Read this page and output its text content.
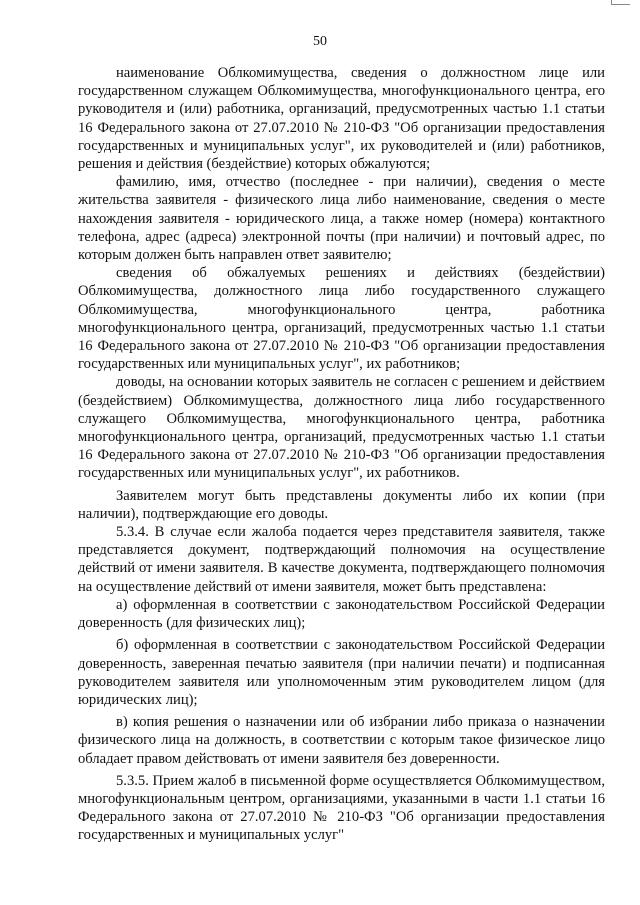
50

наименование Облкомимущества, сведения о должностном лице или государственном служащем Облкомимущества, многофункционального центра, его руководителя и (или) работника, организаций, предусмотренных частью 1.1 статьи 16 Федерального закона от 27.07.2010 № 210-ФЗ "Об организации предоставления государственных и муниципальных услуг", их руководителей и (или) работников, решения и действия (бездействие) которых обжалуются;

фамилию, имя, отчество (последнее - при наличии), сведения о месте жительства заявителя - физического лица либо наименование, сведения о месте нахождения заявителя - юридического лица, а также номер (номера) контактного телефона, адрес (адреса) электронной почты (при наличии) и почтовый адрес, по которым должен быть направлен ответ заявителю;

сведения об обжалуемых решениях и действиях (бездействии) Облкомимущества, должностного лица либо государственного служащего Облкомимущества, многофункционального центра, работника многофункционального центра, организаций, предусмотренных частью 1.1 статьи 16 Федерального закона от 27.07.2010 № 210-ФЗ "Об организации предоставления государственных или муниципальных услуг", их работников;

доводы, на основании которых заявитель не согласен с решением и действием (бездействием) Облкомимущества, должностного лица либо государственного служащего Облкомимущества, многофункционального центра, работника многофункционального центра, организаций, предусмотренных частью 1.1 статьи 16 Федерального закона от 27.07.2010 № 210-ФЗ "Об организации предоставления государственных или муниципальных услуг", их работников.

Заявителем могут быть представлены документы либо их копии (при наличии), подтверждающие его доводы.

5.3.4. В случае если жалоба подается через представителя заявителя, также представляется документ, подтверждающий полномочия на осуществление действий от имени заявителя. В качестве документа, подтверждающего полномочия на осуществление действий от имени заявителя, может быть представлена:

а) оформленная в соответствии с законодательством Российской Федерации доверенность (для физических лиц);

б) оформленная в соответствии с законодательством Российской Федерации доверенность, заверенная печатью заявителя (при наличии печати) и подписанная руководителем заявителя или уполномоченным этим руководителем лицом (для юридических лиц);

в) копия решения о назначении или об избрании либо приказа о назначении физического лица на должность, в соответствии с которым такое физическое лицо обладает правом действовать от имени заявителя без доверенности.

5.3.5. Прием жалоб в письменной форме осуществляется Облкомимуществом, многофункциональным центром, организациями, указанными в части 1.1 статьи 16 Федерального закона от 27.07.2010 № 210-ФЗ "Об организации предоставления государственных и муниципальных услуг"
